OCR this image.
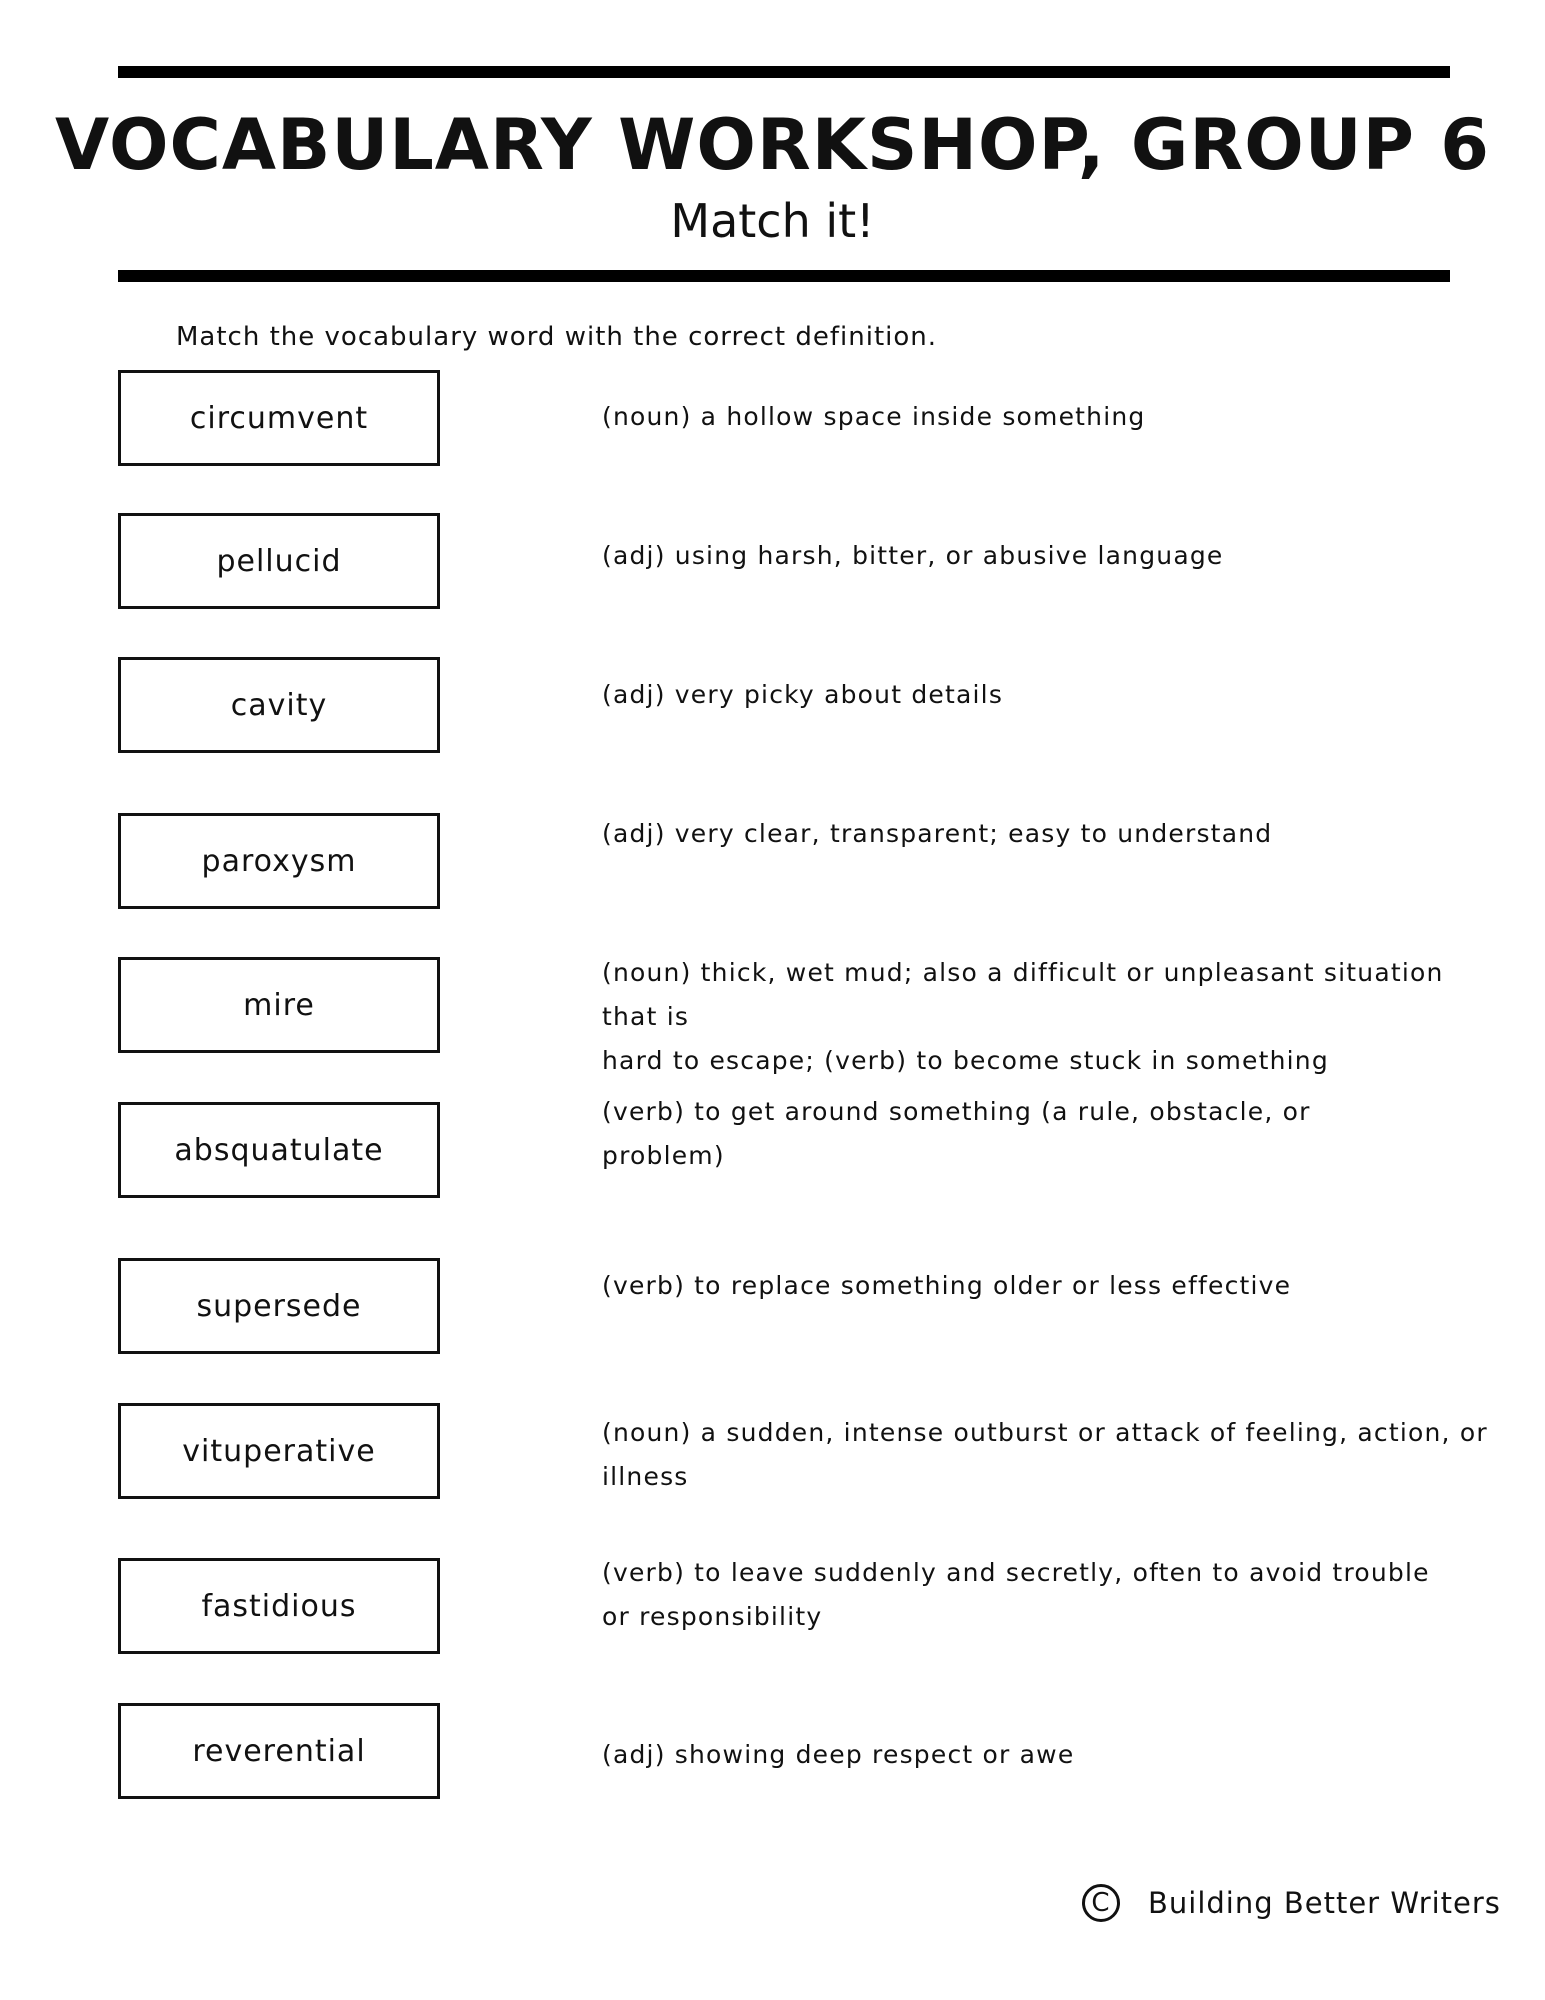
VOCABULARY WORKSHOP, GROUP 6
Match it!
Match the vocabulary word with the correct definition.
circumvent
pellucid
cavity
paroxysm
mire
absquatulate
supersede
vituperative
fastidious
reverential
(noun) a hollow space inside something
(adj) using harsh, bitter, or abusive language
(adj) very picky about details
(adj) very clear, transparent; easy to understand
(noun) thick, wet mud; also a difficult or unpleasant situation that is
hard to escape; (verb) to become stuck in something
(verb) to get around something (a rule, obstacle, or
problem)
(verb) to replace something older or less effective
(noun) a sudden, intense outburst or attack of feeling, action, or
illness
(verb) to leave suddenly and secretly, often to avoid trouble
or responsibility
(adj) showing deep respect or awe
C	Building Better Writers
